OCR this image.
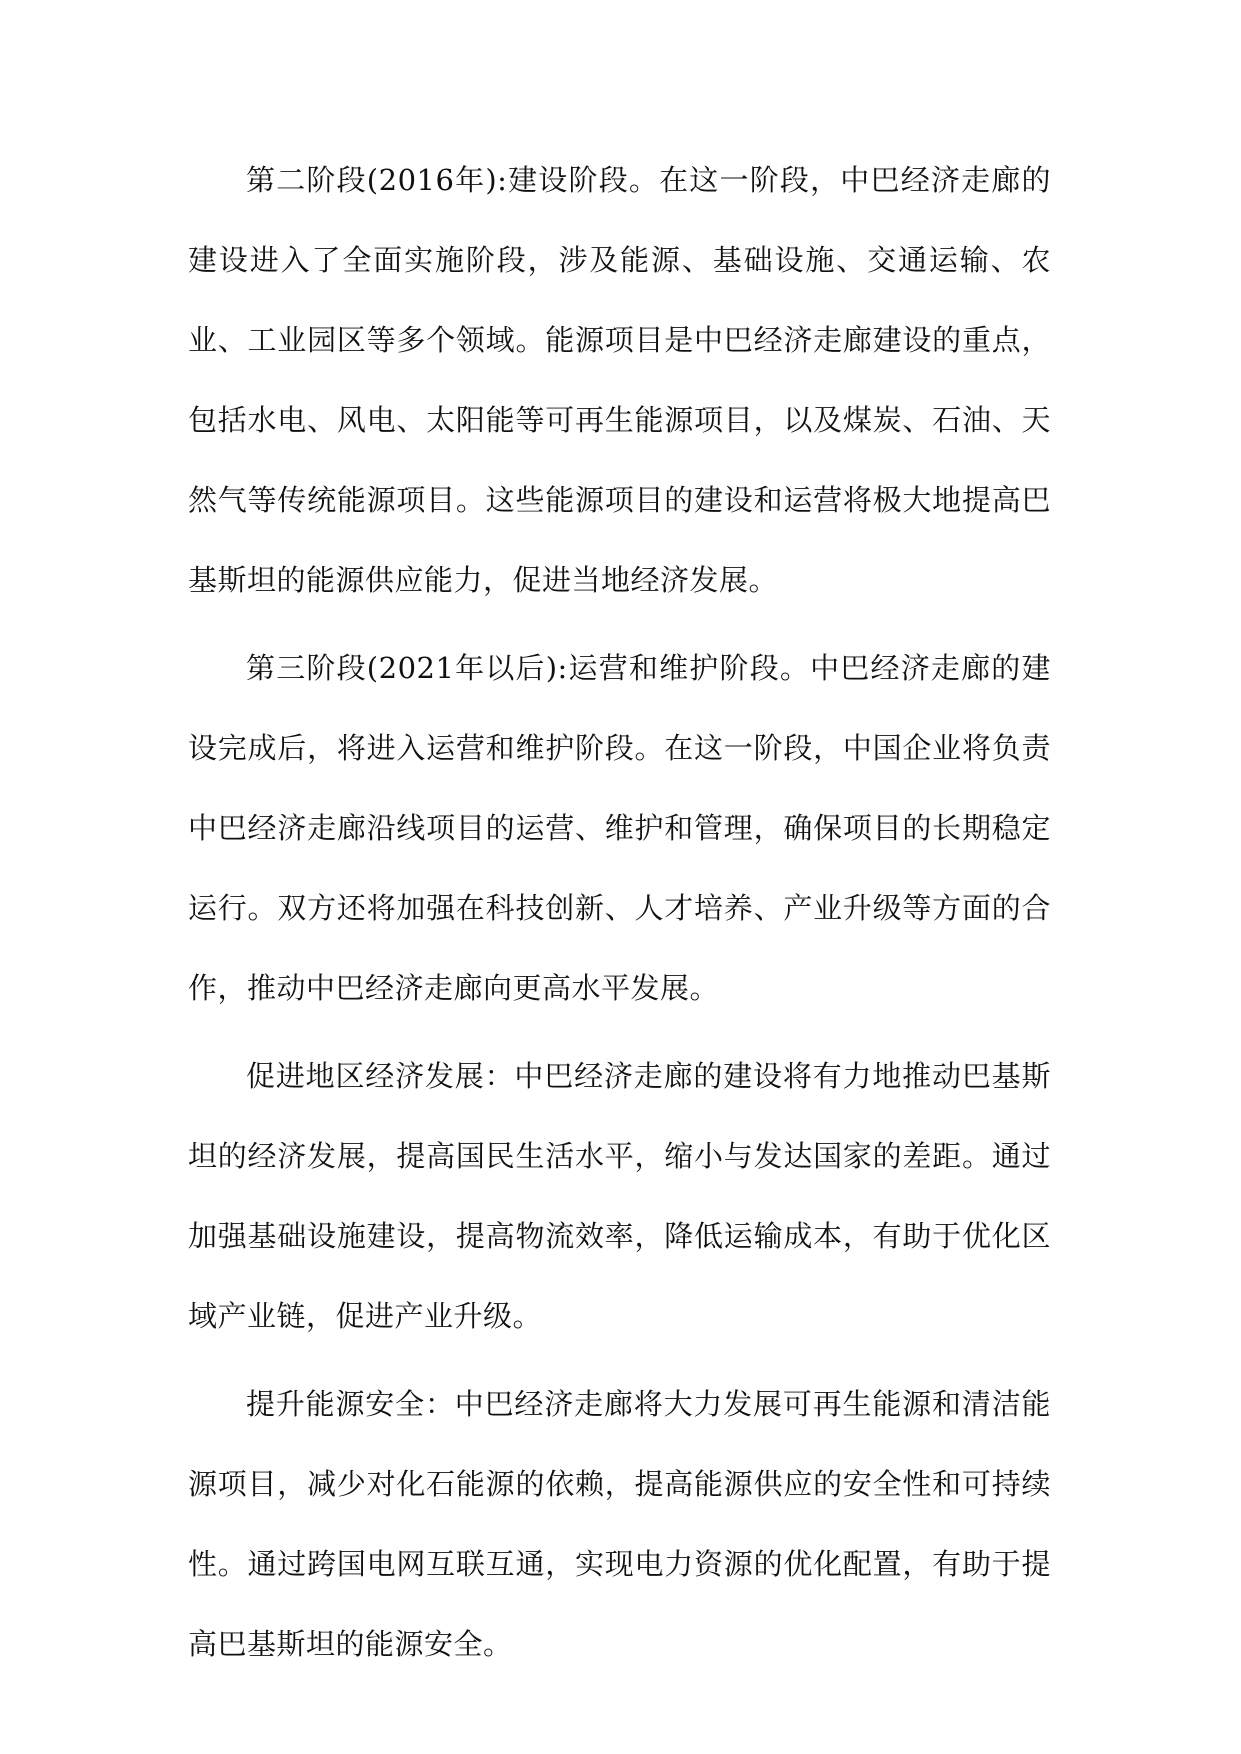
第二阶段(2016年):建设阶段。在这一阶段，中巴经济走廊的建设进入了全面实施阶段，涉及能源、基础设施、交通运输、农业、工业园区等多个领域。能源项目是中巴经济走廊建设的重点，包括水电、风电、太阳能等可再生能源项目，以及煤炭、石油、天然气等传统能源项目。这些能源项目的建设和运营将极大地提高巴基斯坦的能源供应能力，促进当地经济发展。

第三阶段(2021年以后):运营和维护阶段。中巴经济走廊的建设完成后，将进入运营和维护阶段。在这一阶段，中国企业将负责中巴经济走廊沿线项目的运营、维护和管理，确保项目的长期稳定运行。双方还将加强在科技创新、人才培养、产业升级等方面的合作，推动中巴经济走廊向更高水平发展。

促进地区经济发展：中巴经济走廊的建设将有力地推动巴基斯坦的经济发展，提高国民生活水平，缩小与发达国家的差距。通过加强基础设施建设，提高物流效率，降低运输成本，有助于优化区域产业链，促进产业升级。

提升能源安全：中巴经济走廊将大力发展可再生能源和清洁能源项目，减少对化石能源的依赖，提高能源供应的安全性和可持续性。通过跨国电网互联互通，实现电力资源的优化配置，有助于提高巴基斯坦的能源安全。
